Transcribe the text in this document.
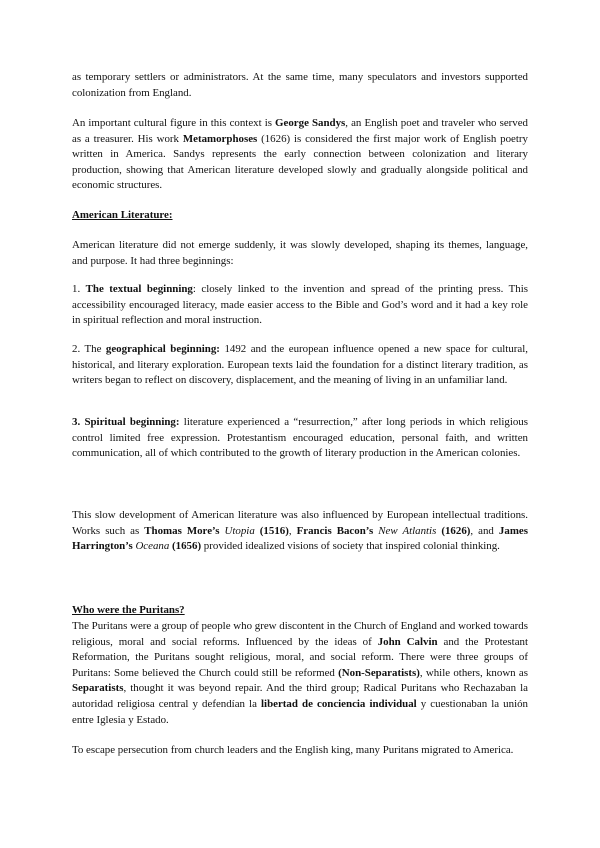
as temporary settlers or administrators. At the same time, many speculators and investors supported colonization from England.

An important cultural figure in this context is George Sandys, an English poet and traveler who served as a treasurer. His work Metamorphoses (1626) is considered the first major work of English poetry written in America. Sandys represents the early connection between colonization and literary production, showing that American literature developed slowly and gradually alongside political and economic structures.

American Literature:

American literature did not emerge suddenly, it was slowly developed, shaping its themes, language, and purpose. It had three beginnings:

1. The textual beginning: closely linked to the invention and spread of the printing press. This accessibility encouraged literacy, made easier access to the Bible and God’s word and it had a key role in spiritual reflection and moral instruction.

2. The geographical beginning: 1492 and the european influence opened a new space for cultural, historical, and literary exploration. European texts laid the foundation for a distinct literary tradition, as writers began to reflect on discovery, displacement, and the meaning of living in an unfamiliar land.

3. Spiritual beginning: literature experienced a “resurrection,” after long periods in which religious control limited free expression. Protestantism encouraged education, personal faith, and written communication, all of which contributed to the growth of literary production in the American colonies.

This slow development of American literature was also influenced by European intellectual traditions. Works such as Thomas More’s Utopia (1516), Francis Bacon’s New Atlantis (1626), and James Harrington’s Oceana (1656) provided idealized visions of society that inspired colonial thinking.

Who were the Puritans?

The Puritans were a group of people who grew discontent in the Church of England and worked towards religious, moral and social reforms. Influenced by the ideas of John Calvin and the Protestant Reformation, the Puritans sought religious, moral, and social reform. There were three groups of Puritans: Some believed the Church could still be reformed (Non-Separatists), while others, known as Separatists, thought it was beyond repair. And the third group; Radical Puritans who Rechazaban la autoridad religiosa central y defendían la libertad de conciencia individual y cuestionaban la unión entre Iglesia y Estado.

To escape persecution from church leaders and the English king, many Puritans migrated to America.
